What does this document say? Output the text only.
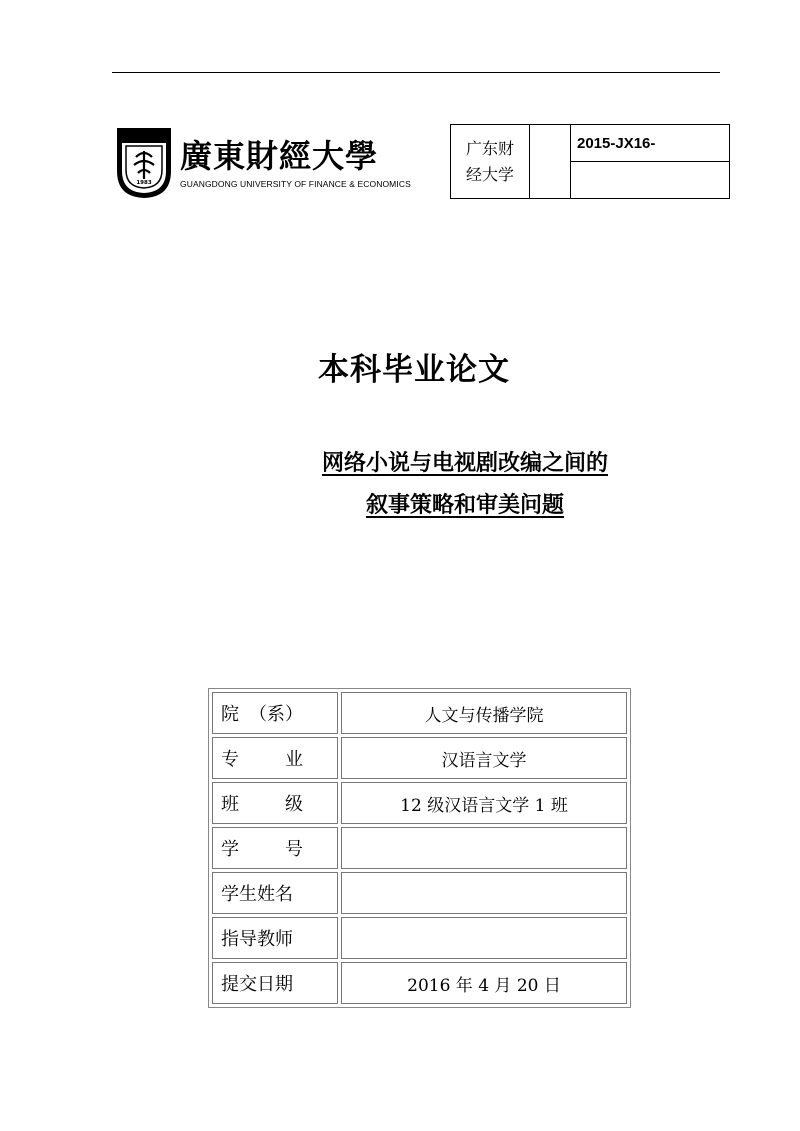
1983
廣東財經大學
GUANGDONG UNIVERSITY OF FINANCE & ECONOMICS
广东财
经大学
		2015-JX16-

本科毕业论文
网络小说与电视剧改编之间的
叙事策略和审美问题
院 （系）	人文与传播学院

专 业	汉语言文学

班 级	12 级汉语言文学 1 班

学 号	

学生姓名	
指导教师	
提交日期	2016 年 4 月 20 日
